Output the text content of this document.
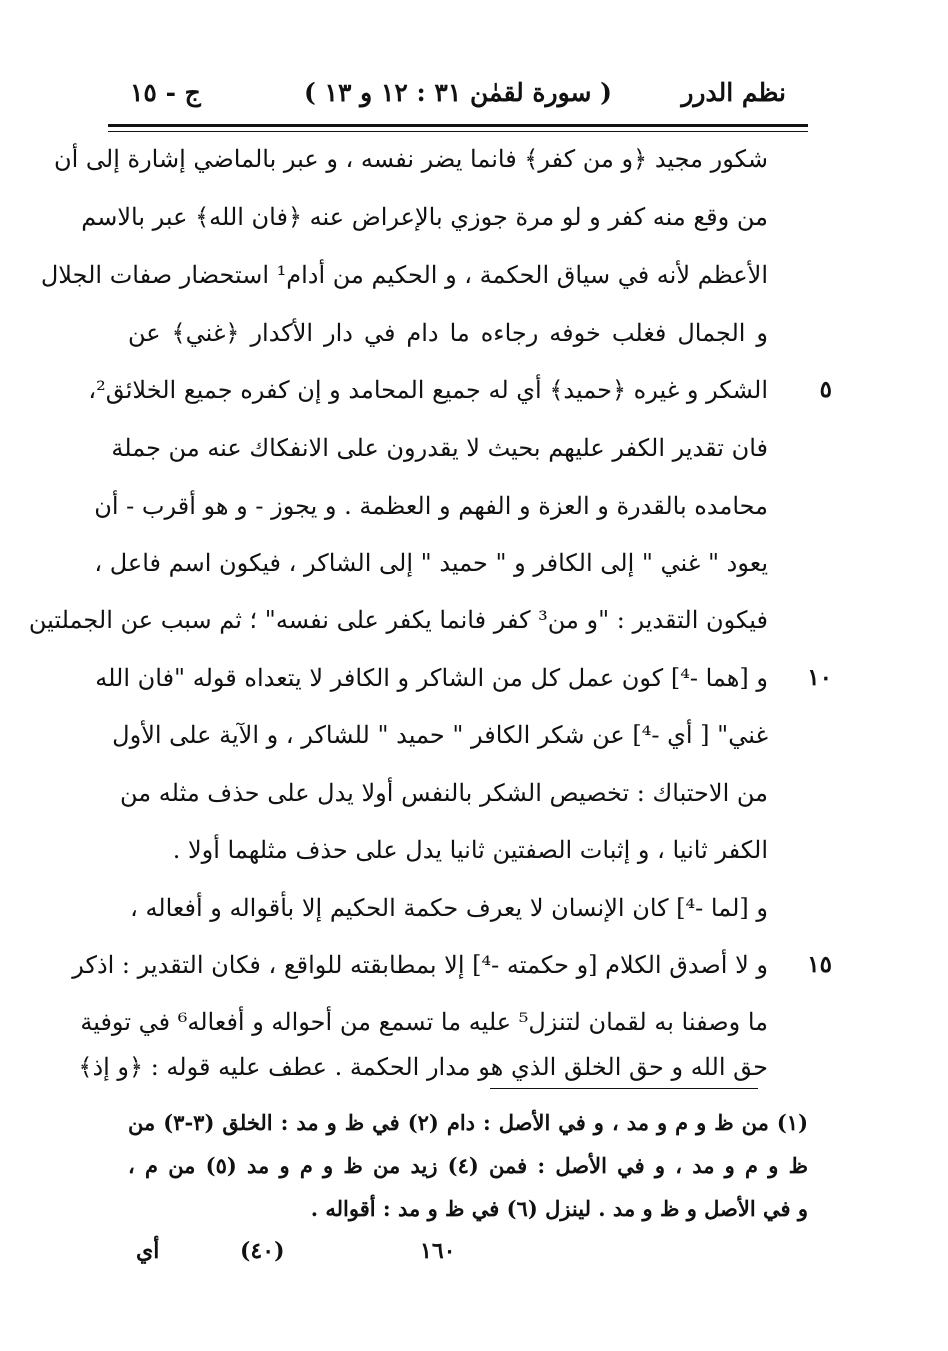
نظم الدرر
( سورة لقمٰن ٣١ : ١٢ و ١٣ )
ج - ١٥
شكور مجيد ﴿و من كفر﴾ فانما يضر نفسه ، و عبر بالماضي إشارة إلى أن
من وقع منه كفر و لو مرة جوزي بالإعراض عنه ﴿فان الله﴾ عبر بالاسم
الأعظم لأنه في سياق الحكمة ، و الحكيم من أدام¹ استحضار صفات الجلال
و الجمال فغلب خوفه رجاءه ما دام في دار الأكدار ﴿غني﴾ عن
الشكر و غيره ﴿حميد﴾ أي له جميع المحامد و إن كفره جميع الخلائق²،	٥
فان تقدير الكفر عليهم بحيث لا يقدرون على الانفكاك عنه من جملة
محامده بالقدرة و العزة و الفهم و العظمة . و يجوز - و هو أقرب - أن
يعود " غني " إلى الكافر و " حميد " إلى الشاكر ، فيكون اسم فاعل ،
فيكون التقدير : "و من³ كفر فانما يكفر على نفسه" ؛ ثم سبب عن الجملتين
و [هما -⁴] كون عمل كل من الشاكر و الكافر لا يتعداه قوله "فان الله	١٠
غني" [ أي -⁴] عن شكر الكافر " حميد " للشاكر ، و الآية على الأول
من الاحتباك : تخصيص الشكر بالنفس أولا يدل على حذف مثله من
الكفر ثانيا ، و إثبات الصفتين ثانيا يدل على حذف مثلهما أولا .
و [لما -⁴] كان الإنسان لا يعرف حكمة الحكيم إلا بأقواله و أفعاله ،
و لا أصدق الكلام [و حكمته -⁴] إلا بمطابقته للواقع ، فكان التقدير : اذكر	١٥
ما وصفنا به لقمان لتنزل⁵ عليه ما تسمع من أحواله و أفعاله⁶ في توفية
حق الله و حق الخلق الذي هو مدار الحكمة . عطف عليه قوله : ﴿و إذ﴾
(١) من ظ و م و مد ، و في الأصل : دام (٢) في ظ و مد : الخلق (٣-٣) من
ظ و م و مد ، و في الأصل : فمن (٤) زيد من ظ و م و مد (٥) من م ،
و في الأصل و ظ و مد . لينزل (٦) في ظ و مد : أقواله .
١٦٠
(٤٠)
أي
